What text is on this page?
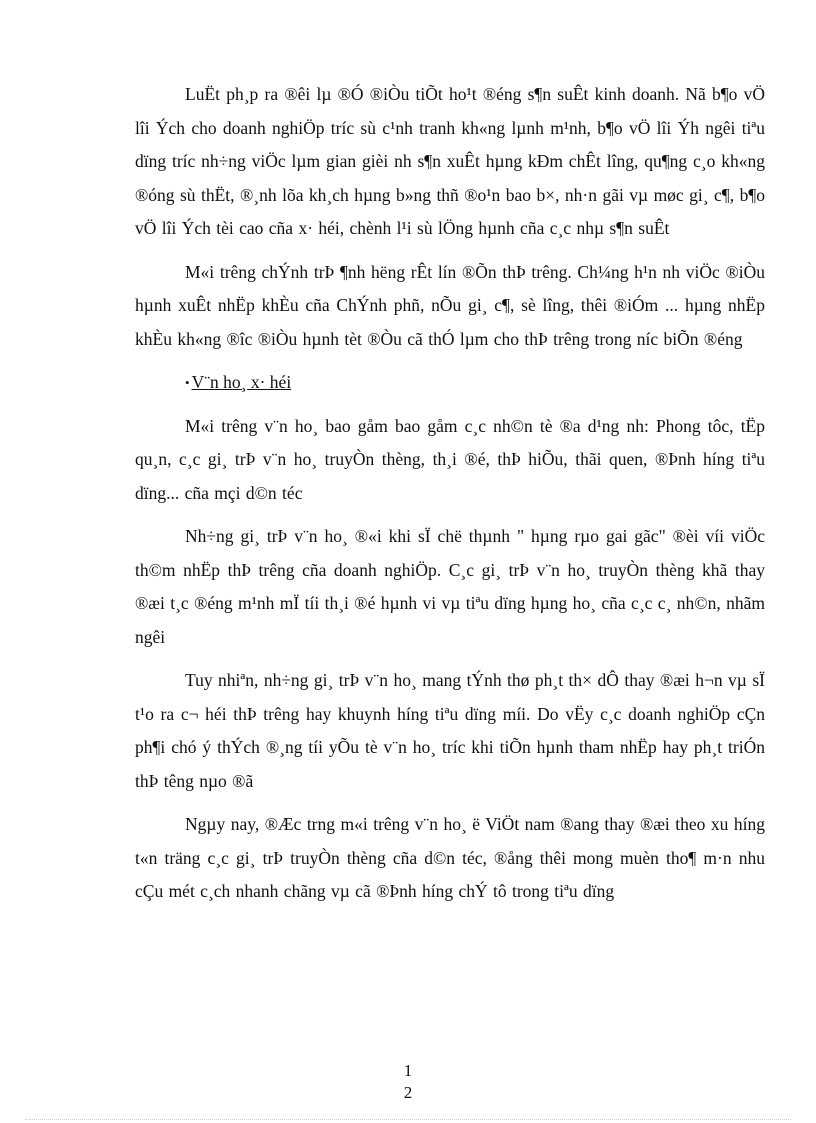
LuËt ph¸p ra ®êi lµ ®Ó ®iÒu tiÕt ho¹t ®éng s¶n suÊt kinh doanh. Nã b¶o vÖ lîi Ých cho doanh nghiÖp tríc sù c¹nh tranh kh«ng lµnh m¹nh, b¶o vÖ lîi Ýh ngêi tiªu dïng tríc nh÷ng viÖc lµm gian gièi nh s¶n xuÊt hµng kÐm chÊt lîng, qu¶ng c¸o kh«ng ®óng sù thËt, ®¸nh lõa kh¸ch hµng b»ng thñ ®o¹n bao b×, nh·n gãi vµ møc gi¸ c¶, b¶o vÖ lîi Ých tèi cao cña x· héi, chènh l¹i sù lÖng hµnh cña c¸c nhµ s¶n suÊt

M«i trêng chÝnh trÞ ¶nh hëng rÊt lín ®Õn thÞ trêng. Ch¼ng h¹n nh viÖc ®iÒu hµnh xuÊt nhËp khÈu cña ChÝnh phñ, nÕu gi¸ c¶, sè lîng, thêi ®iÓm ... hµng nhËp khÈu kh«ng ®îc ®iÒu hµnh tèt ®Òu cã thÓ lµm cho thÞ trêng trong níc biÕn ®éng

• V¨n ho¸ x· héi

M«i trêng v¨n ho¸ bao gåm bao gåm c¸c nh©n tè ®a d¹ng nh: Phong tôc, tËp qu¸n, c¸c gi¸ trÞ v¨n ho¸ truyÒn thèng, th¸i ®é, thÞ hiÕu, thãi quen, ®Þnh híng tiªu dïng... cña mçi d©n téc

Nh÷ng gi¸ trÞ v¨n ho¸ ®«i khi sÏ chë thµnh " hµng rµo gai gãc" ®èi víi viÖc th©m nhËp thÞ trêng cña doanh nghiÖp. C¸c gi¸ trÞ v¨n ho¸ truyÒn thèng khã thay ®æi t¸c ®éng m¹nh mÏ tíi th¸i ®é hµnh vi vµ tiªu dïng hµng ho¸ cña c¸c c¸ nh©n, nhãm ngêi

Tuy nhiªn, nh÷ng gi¸ trÞ v¨n ho¸ mang tÝnh thø ph¸t th× dÔ thay ®æi h¬n vµ sÏ t¹o ra c¬ héi thÞ trêng hay khuynh híng tiªu dïng míi. Do vËy c¸c doanh nghiÖp cÇn ph¶i chó ý thÝch ®¸ng tíi yÕu tè v¨n ho¸ tríc khi tiÕn hµnh tham nhËp hay ph¸t triÓn thÞ têng nµo ®ã

Ngµy nay, ®Æc trng m«i trêng v¨n ho¸ ë ViÖt nam ®ang thay ®æi theo xu híng t«n träng c¸c gi¸ trÞ truyÒn thèng cña d©n téc, ®ång thêi mong muèn tho¶ m·n nhu cÇu mét c¸ch nhanh chãng vµ cã ®Þnh híng chÝ tô trong tiªu dïng

1
2
